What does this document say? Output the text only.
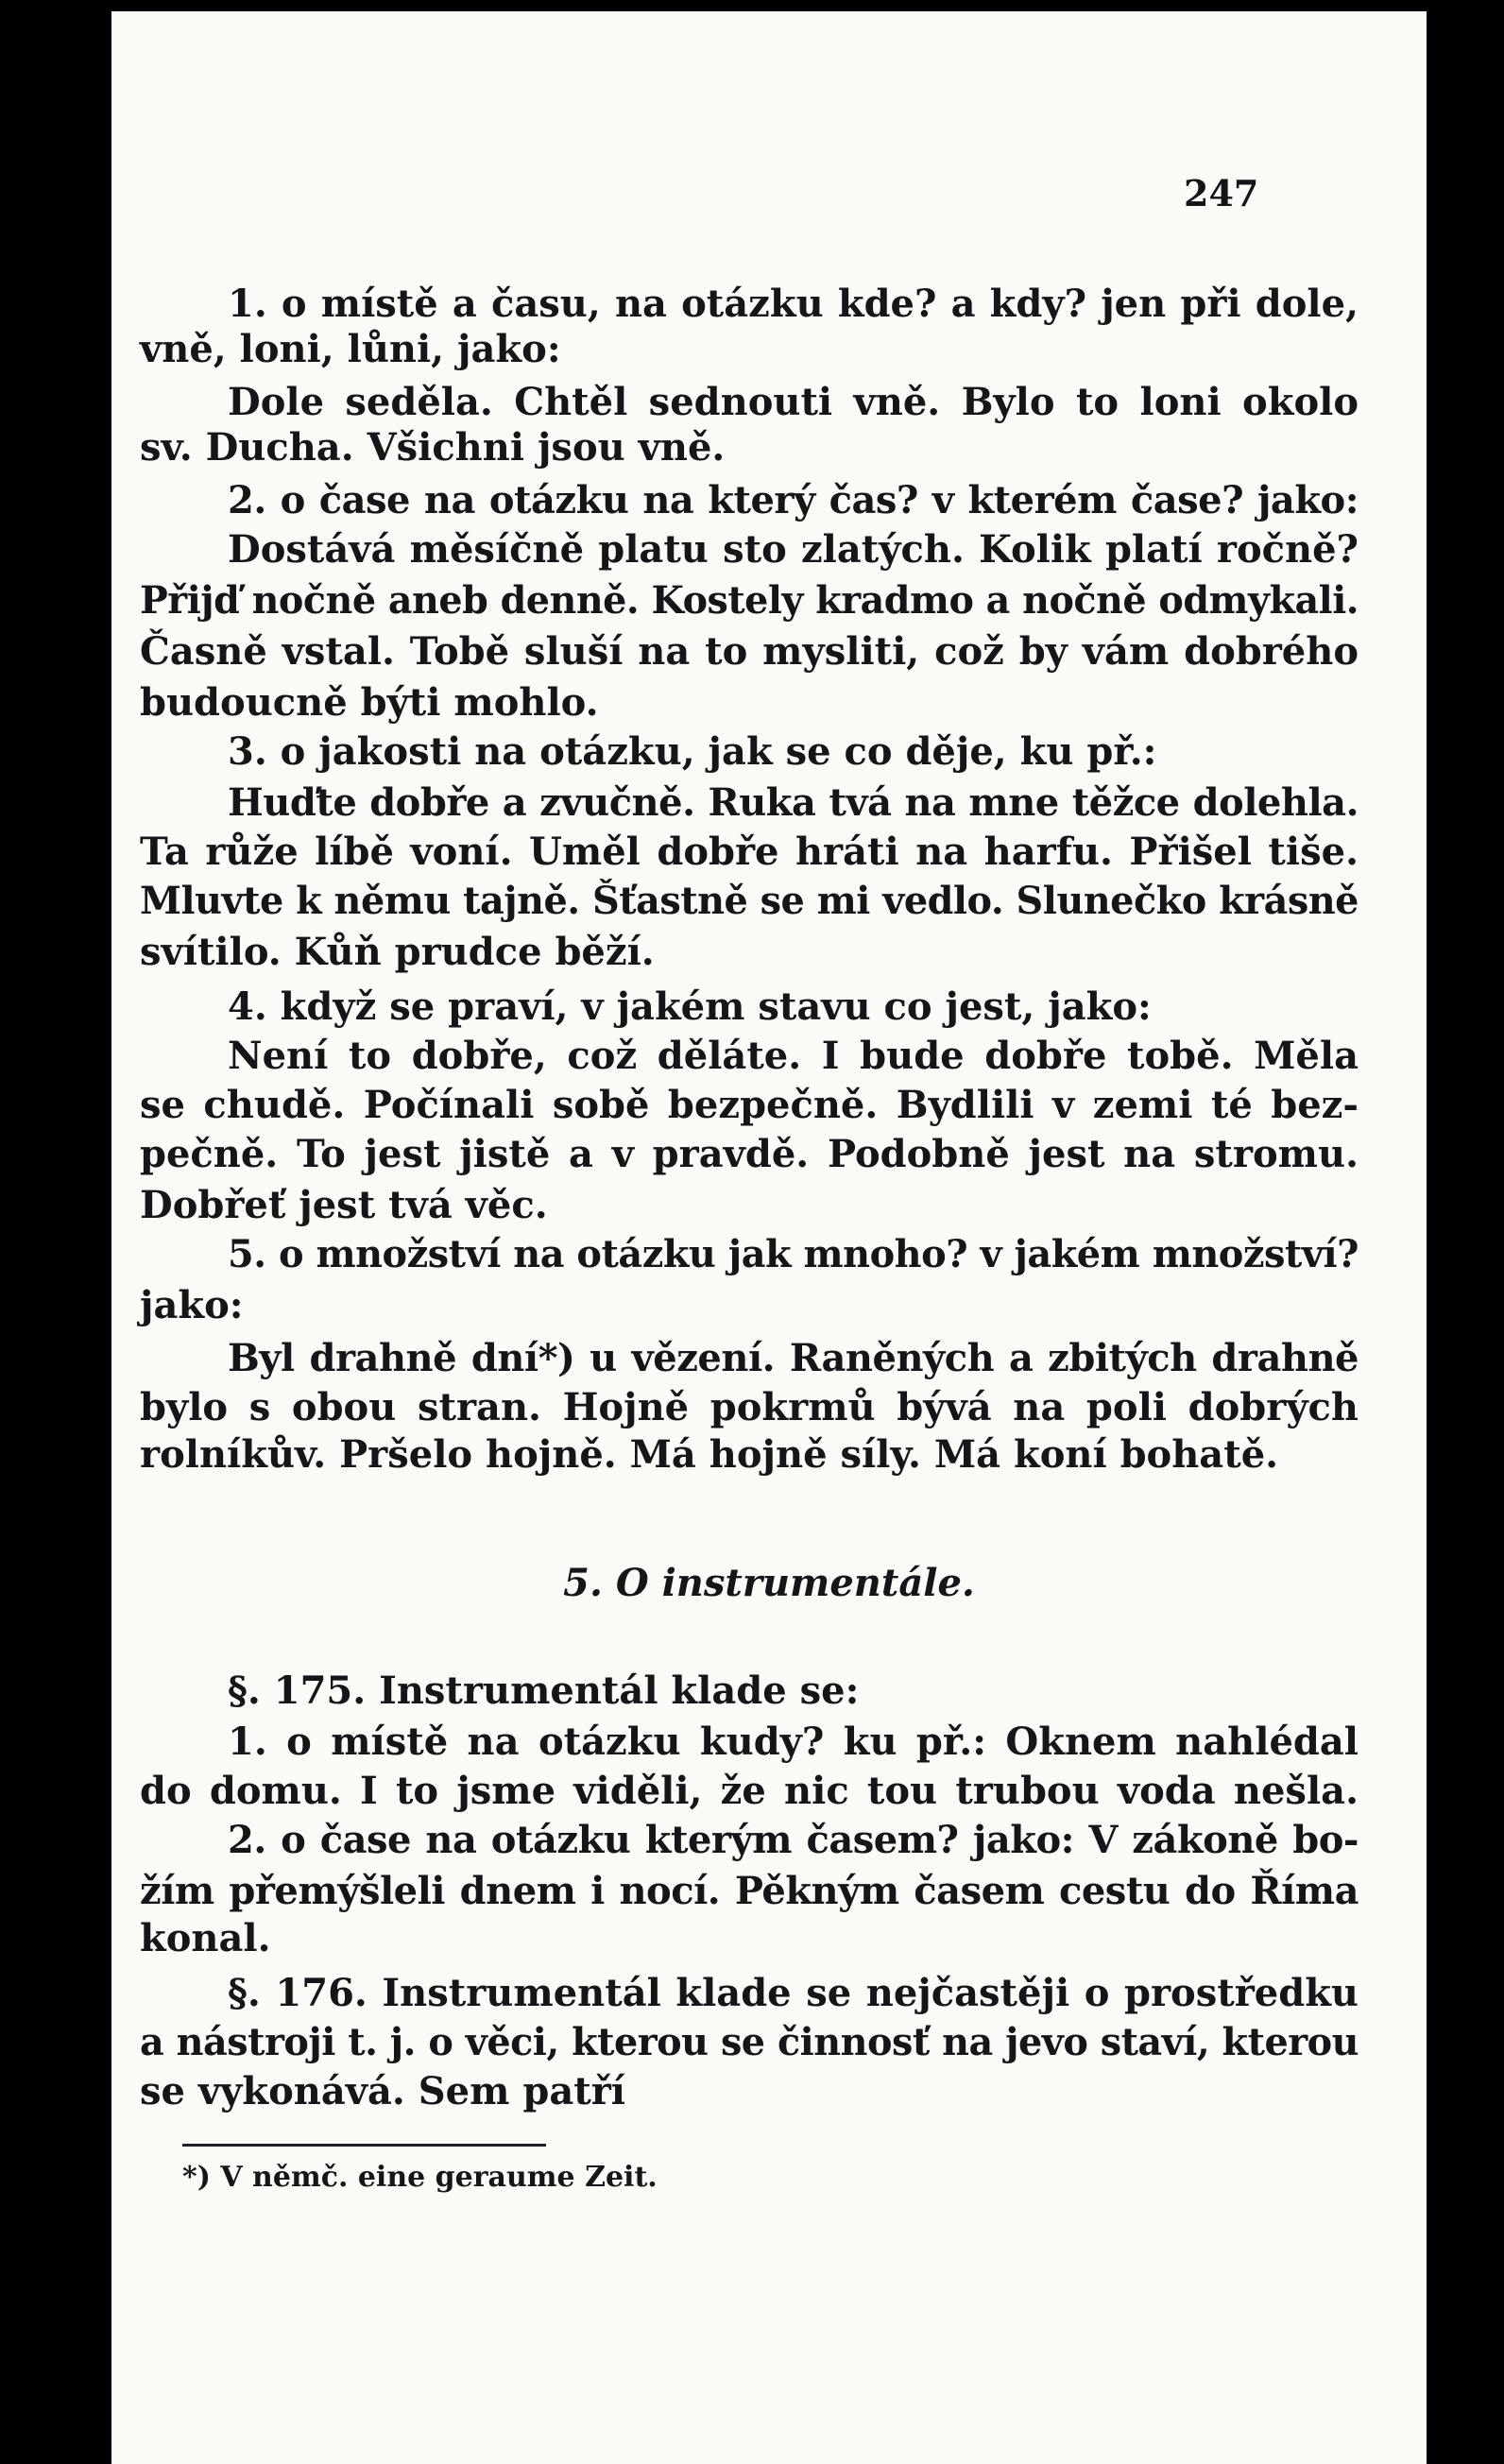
247
1. o místě a času, na otázku kde? a kdy? jen při dole,
vně, loni, lůni, jako:
Dole seděla. Chtěl sednouti vně. Bylo to loni okolo
sv. Ducha. Všichni jsou vně.
2. o čase na otázku na který čas? v kterém čase? jako:
Dostává měsíčně platu sto zlatých. Kolik platí ročně?
Přijď nočně aneb denně. Kostely kradmo a nočně odmykali.
Časně vstal. Tobě sluší na to mysliti, což by vám dobrého
budoucně býti mohlo.
3. o jakosti na otázku, jak se co děje, ku př.:
Huďte dobře a zvučně. Ruka tvá na mne těžce dolehla.
Ta růže líbě voní. Uměl dobře hráti na harfu. Přišel tiše.
Mluvte k němu tajně. Šťastně se mi vedlo. Slunečko krásně
svítilo. Kůň prudce běží.
4. když se praví, v jakém stavu co jest, jako:
Není to dobře, což děláte. I bude dobře tobě. Měla
se chudě. Počínali sobě bezpečně. Bydlili v zemi té bez-
pečně. To jest jistě a v pravdě. Podobně jest na stromu.
Dobřeť jest tvá věc.
5. o množství na otázku jak mnoho? v jakém množství?
jako:
Byl drahně dní*) u vězení. Raněných a zbitých drahně
bylo s obou stran. Hojně pokrmů bývá na poli dobrých
rolníkův. Pršelo hojně. Má hojně síly. Má koní bohatě.
5. O instrumentále.
§. 175. Instrumentál klade se:
1. o místě na otázku kudy? ku př.: Oknem nahlédal
do domu. I to jsme viděli, že nic tou trubou voda nešla.
2. o čase na otázku kterým časem? jako: V zákoně bo-
žím přemýšleli dnem i nocí. Pěkným časem cestu do Říma
konal.
§. 176. Instrumentál klade se nejčastěji o prostředku
a nástroji t. j. o věci, kterou se činnosť na jevo staví, kterou
se vykonává. Sem patří
*) V němč. eine geraume Zeit.
